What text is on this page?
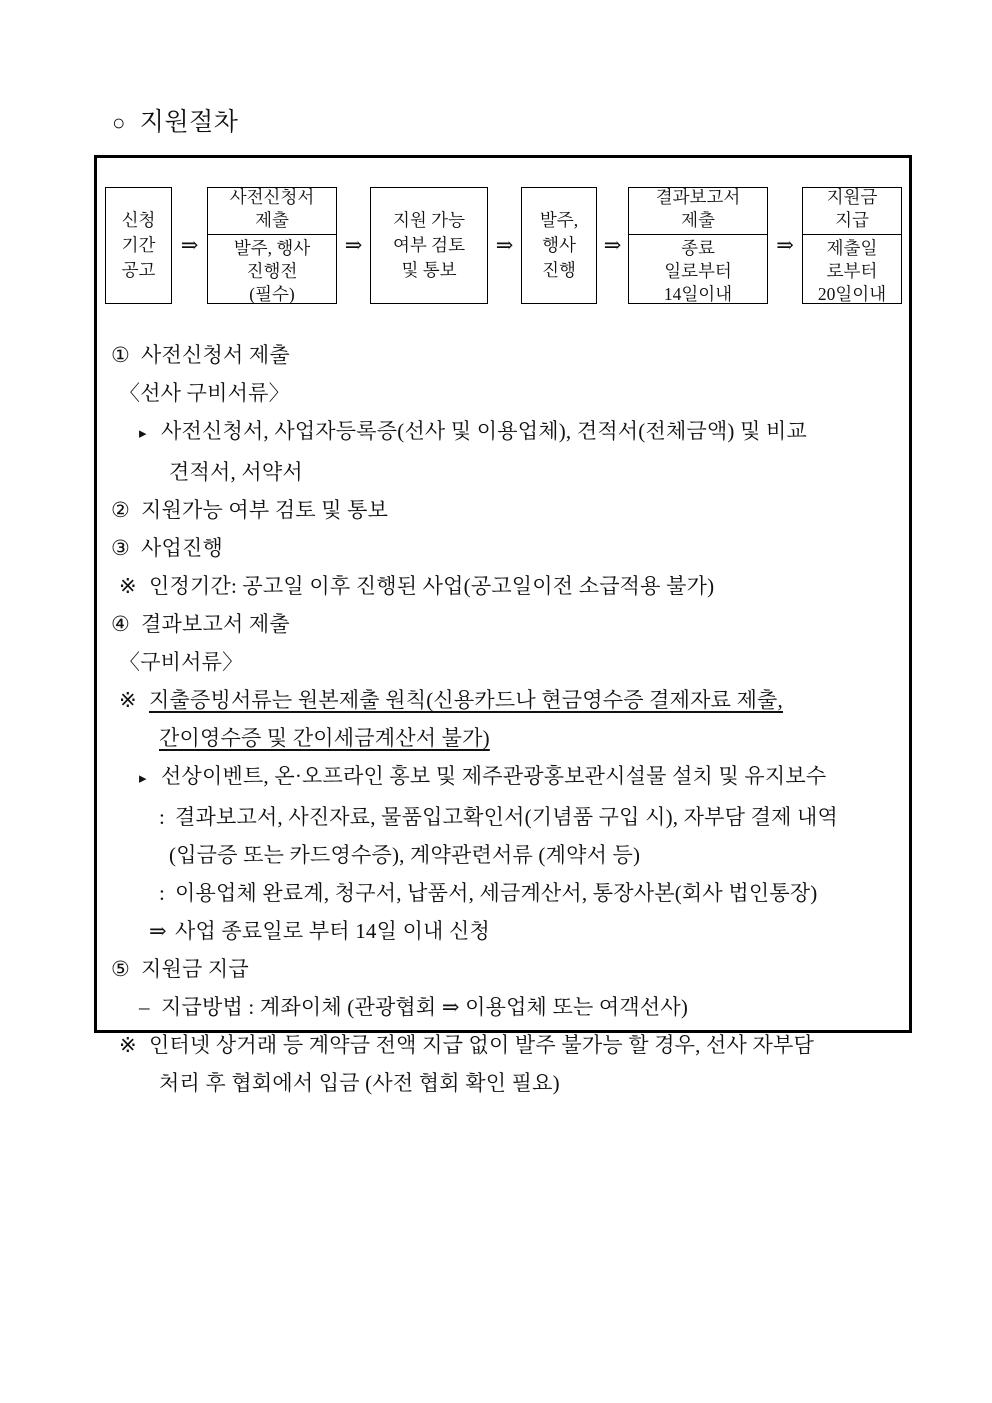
○ 지원절차
신청
기간
공고
⇒
사전신청서
제출
발주, 행사
진행전
(필수)
⇒
지원 가능
여부 검토
및 통보
⇒
발주,
행사
진행
⇒
결과보고서
제출
종료
일로부터
14일이내
⇒
지원금
지급
제출일
로부터
20일이내
① 사전신청서 제출
〈선사 구비서류〉
▸ 사전신청서, 사업자등록증(선사 및 이용업체), 견적서(전체금액) 및 비교
견적서, 서약서
② 지원가능 여부 검토 및 통보
③ 사업진행
※ 인정기간: 공고일 이후 진행된 사업(공고일이전 소급적용 불가)
④ 결과보고서 제출
〈구비서류〉
※ 지출증빙서류는 원본제출 원칙(신용카드나 현금영수증 결제자료 제출,
간이영수증 및 간이세금계산서 불가)
▸ 선상이벤트, 온·오프라인 홍보 및 제주관광홍보관시설물 설치 및 유지보수
: 결과보고서, 사진자료, 물품입고확인서(기념품 구입 시), 자부담 결제 내역
(입금증 또는 카드영수증), 계약관련서류 (계약서 등)
: 이용업체 완료계, 청구서, 납품서, 세금계산서, 통장사본(회사 법인통장)
⇒ 사업 종료일로 부터 14일 이내 신청
⑤ 지원금 지급
– 지급방법 : 계좌이체 (관광협회 ⇒ 이용업체 또는 여객선사)
※ 인터넷 상거래 등 계약금 전액 지급 없이 발주 불가능 할 경우, 선사 자부담
처리 후 협회에서 입금 (사전 협회 확인 필요)
